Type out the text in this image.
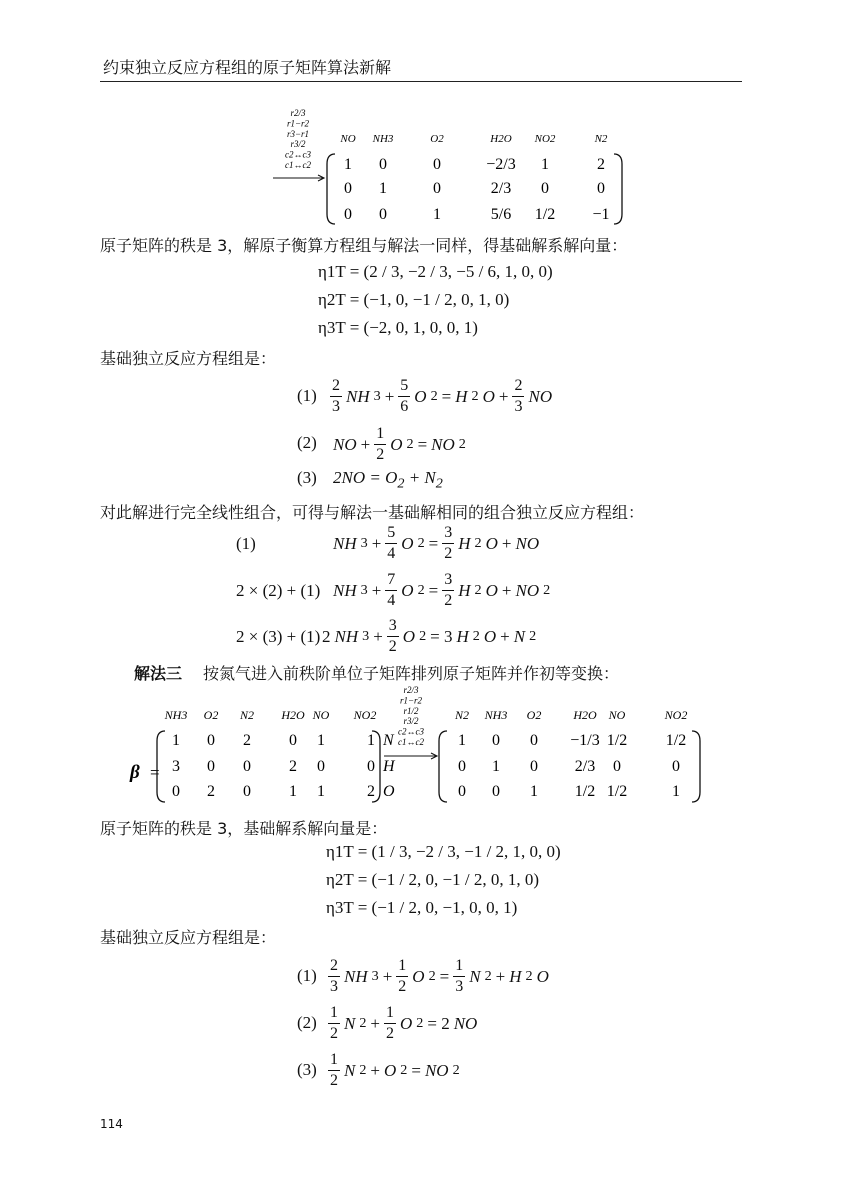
约束独立反应方程组的原子矩阵算法新解
r2/3
r1−r2
r3−r1
r3/2
c2↔c3
c1↔c2
NO NH3	O2	H2O NO2	N2
1 0	0	−2/3 1	2
0 1	0	2/3 0	0
0 0	1	5/6 1/2 −1
原子矩阵的秩是 3，解原子衡算方程组与解法一同样，得基础解系解向量：
η1T = (2 / 3, −2 / 3, −5 / 6, 1, 0, 0)
η2T = (−1, 0, −1 / 2, 0, 1, 0)
η3T = (−2, 0, 1, 0, 0, 1)
基础独立反应方程组是：
$(1) \frac{2}{3}$ NH $3 + \frac{5}{6}$ O 2 = H 2 $O + \frac{2}{3}$ NO
(2) NO + $\frac{1}{2}$ O 2 = NO 2
(3) $2NO = O_2 + N_2$
对此解进行完全线性组合，可得与解法一基础解相同的组合独立反应方程组：
(1)	NH $3 + \frac{5}{4}$ O $2 = \frac{3}{2}$ H 2 O + NO
2 × (2) + (1) NH $3 + \frac{7}{4}$ O $2 = \frac{3}{2}$ H 2 O + NO 2
2 × (3) + (1) 2 NH $3 + \frac{3}{2}$ O 2 = 3 H 2 O + N 2
解法三 按氮气进入前秩阶单位子矩阵排列原子矩阵并作初等变换：
β =
NH3 O2 N2 H2O NO NO2
1 0 2 0 1	1
3 0 0 2 0	0
0 2 0 1 1	2
N
H
O
r2/3
r1−r2
r1/2
r3/2
c2↔c3
c1↔c2
N2 NH3 O2	H2O NO	NO2
1 0 0 −1/3 1/2 1/2
0 1 0 2/3 0	0
0 0 1 1/2 1/2	1
原子矩阵的秩是 3，基础解系解向量是：
η1T = (1 / 3, −2 / 3, −1 / 2, 1, 0, 0)
η2T = (−1 / 2, 0, −1 / 2, 0, 1, 0)
η3T = (−1 / 2, 0, −1, 0, 0, 1)
基础独立反应方程组是：
$(1) \frac{2}{3}$ NH $3 + \frac{1}{2}$ O $2 = \frac{1}{3}$ N 2 + H 2 O
$(2) \frac{1}{2}$ N $2 + \frac{1}{2}$ O 2 = 2 NO
$(3) \frac{1}{2}$ N 2 + O 2 = NO 2
114
